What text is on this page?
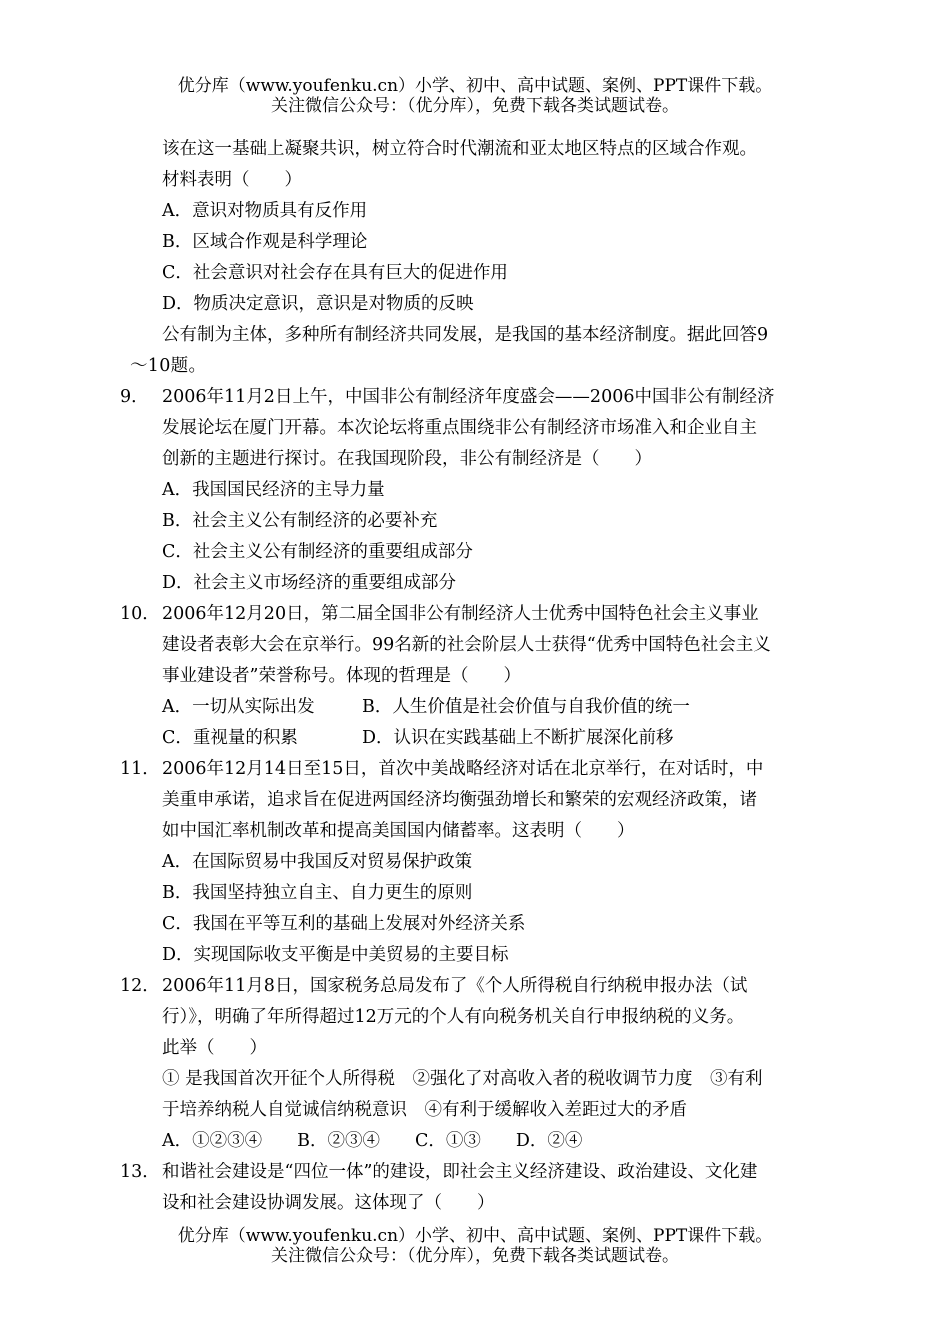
优分库（www.youfenku.cn）小学、初中、高中试题、案例、PPT课件下载。
关注微信公众号：（优分库），免费下载各类试题试卷。
该在这一基础上凝聚共识，树立符合时代潮流和亚太地区特点的区域合作观。
材料表明（　　）
A．意识对物质具有反作用
B．区域合作观是科学理论
C．社会意识对社会存在具有巨大的促进作用
D．物质决定意识，意识是对物质的反映
公有制为主体，多种所有制经济共同发展，是我国的基本经济制度。据此回答9
～10题。
9． 2006年11月2日上午，中国非公有制经济年度盛会——2006中国非公有制经济
发展论坛在厦门开幕。本次论坛将重点围绕非公有制经济市场准入和企业自主
创新的主题进行探讨。在我国现阶段，非公有制经济是（　　）
A．我国国民经济的主导力量
B．社会主义公有制经济的必要补充
C．社会主义公有制经济的重要组成部分
D．社会主义市场经济的重要组成部分
10． 2006年12月20日，第二届全国非公有制经济人士优秀中国特色社会主义事业
建设者表彰大会在京举行。99名新的社会阶层人士获得“优秀中国特色社会主义
事业建设者”荣誉称号。体现的哲理是（　　）
A．一切从实际出发	B．人生价值是社会价值与自我价值的统一
C．重视量的积累	D．认识在实践基础上不断扩展深化前移
11． 2006年12月14日至15日，首次中美战略经济对话在北京举行，在对话时，中
美重申承诺，追求旨在促进两国经济均衡强劲增长和繁荣的宏观经济政策，诸
如中国汇率机制改革和提高美国国内储蓄率。这表明（　　）
A．在国际贸易中我国反对贸易保护政策
B．我国坚持独立自主、自力更生的原则
C．我国在平等互利的基础上发展对外经济关系
D．实现国际收支平衡是中美贸易的主要目标
12． 2006年11月8日，国家税务总局发布了《个人所得税自行纳税申报办法（试
行）》，明确了年所得超过12万元的个人有向税务机关自行申报纳税的义务。
此举（　　）
① 是我国首次开征个人所得税　②强化了对高收入者的税收调节力度　③有利
于培养纳税人自觉诚信纳税意识　④有利于缓解收入差距过大的矛盾
A．①②③④　　B．②③④　　C．①③　　D．②④
13． 和谐社会建设是“四位一体”的建设，即社会主义经济建设、政治建设、文化建
设和社会建设协调发展。这体现了（　　）
优分库（www.youfenku.cn）小学、初中、高中试题、案例、PPT课件下载。
关注微信公众号：（优分库），免费下载各类试题试卷。
